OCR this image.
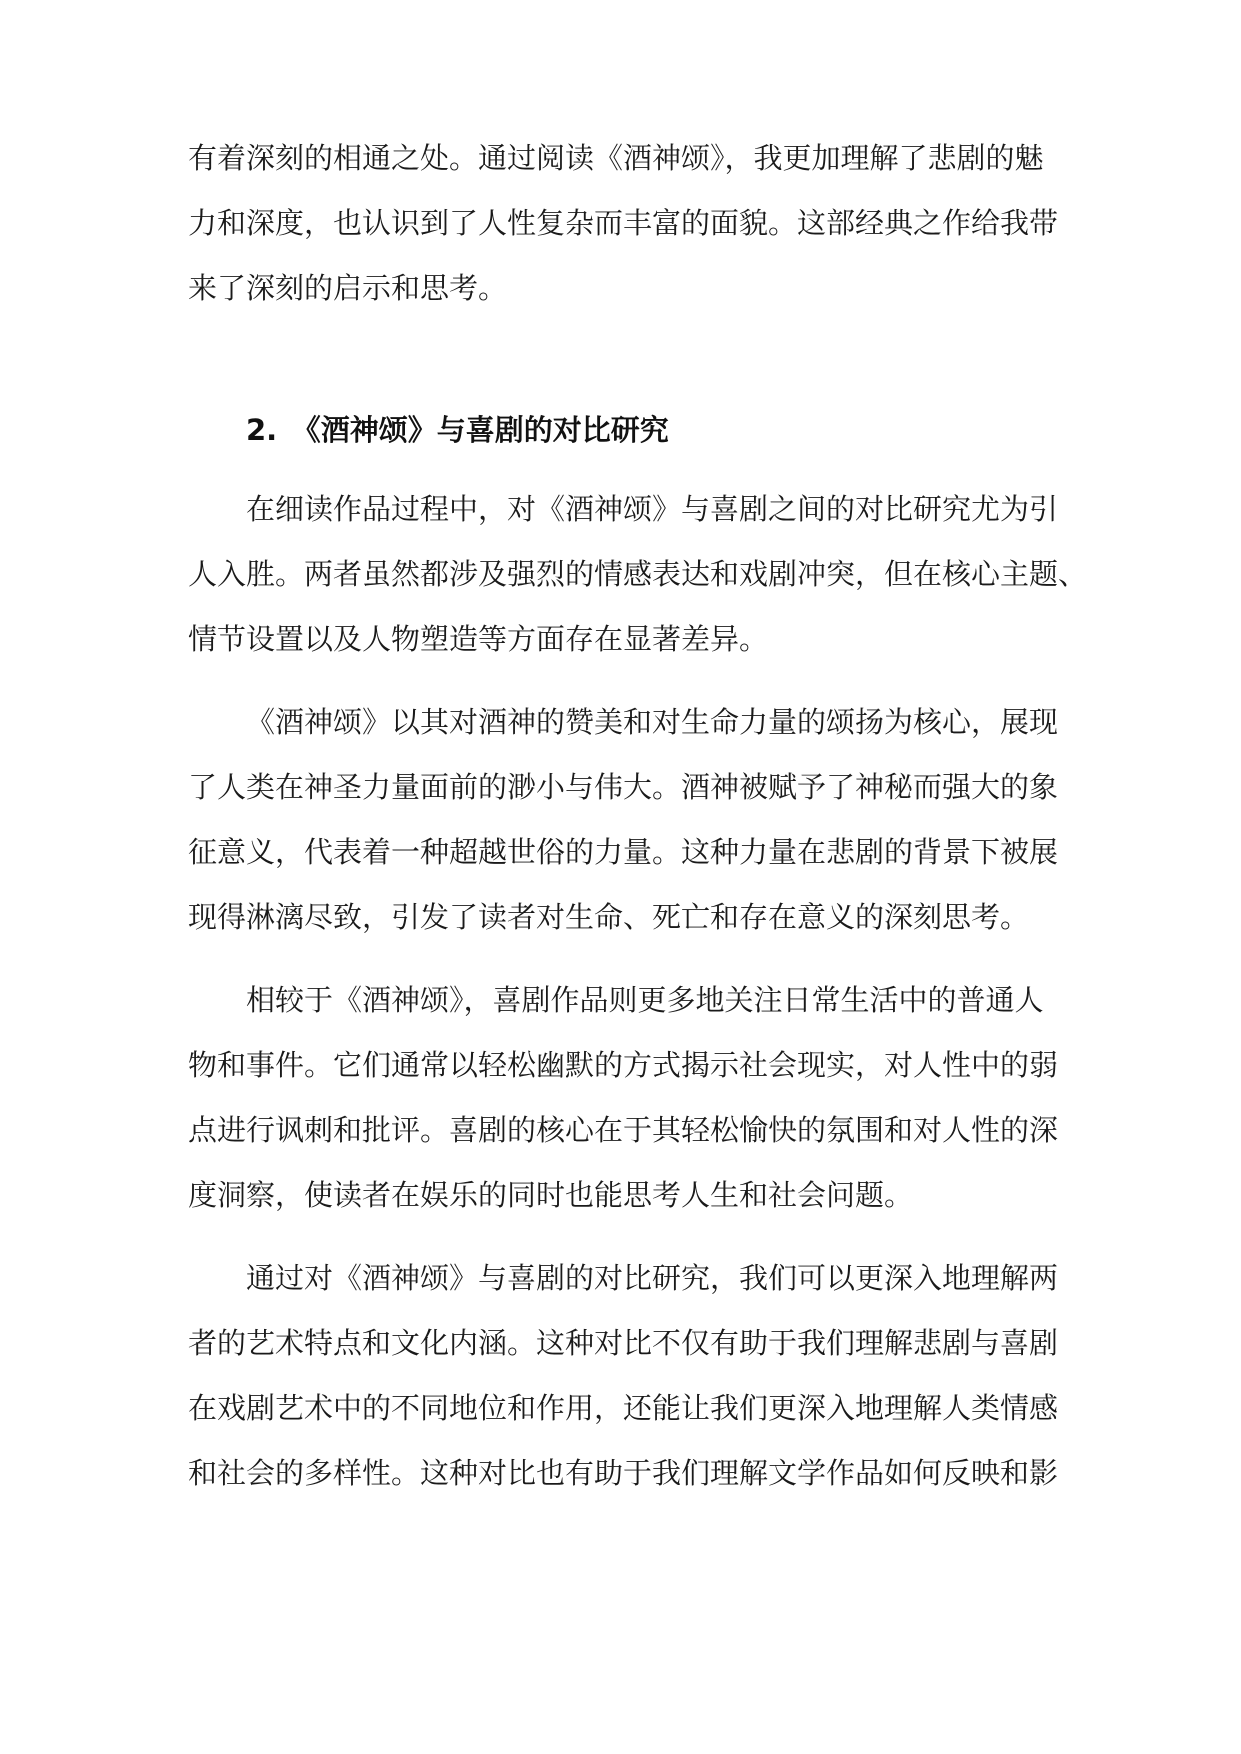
有着深刻的相通之处。通过阅读《酒神颂》，我更加理解了悲剧的魅
力和深度，也认识到了人性复杂而丰富的面貌。这部经典之作给我带
来了深刻的启示和思考。
2.　《酒神颂》与喜剧的对比研究
在细读作品过程中，对《酒神颂》与喜剧之间的对比研究尤为引
人入胜。两者虽然都涉及强烈的情感表达和戏剧冲突，但在核心主题、
情节设置以及人物塑造等方面存在显著差异。
《酒神颂》以其对酒神的赞美和对生命力量的颂扬为核心，展现
了人类在神圣力量面前的渺小与伟大。酒神被赋予了神秘而强大的象
征意义，代表着一种超越世俗的力量。这种力量在悲剧的背景下被展
现得淋漓尽致，引发了读者对生命、死亡和存在意义的深刻思考。
相较于《酒神颂》，喜剧作品则更多地关注日常生活中的普通人
物和事件。它们通常以轻松幽默的方式揭示社会现实，对人性中的弱
点进行讽刺和批评。喜剧的核心在于其轻松愉快的氛围和对人性的深
度洞察，使读者在娱乐的同时也能思考人生和社会问题。
通过对《酒神颂》与喜剧的对比研究，我们可以更深入地理解两
者的艺术特点和文化内涵。这种对比不仅有助于我们理解悲剧与喜剧
在戏剧艺术中的不同地位和作用，还能让我们更深入地理解人类情感
和社会的多样性。这种对比也有助于我们理解文学作品如何反映和影
